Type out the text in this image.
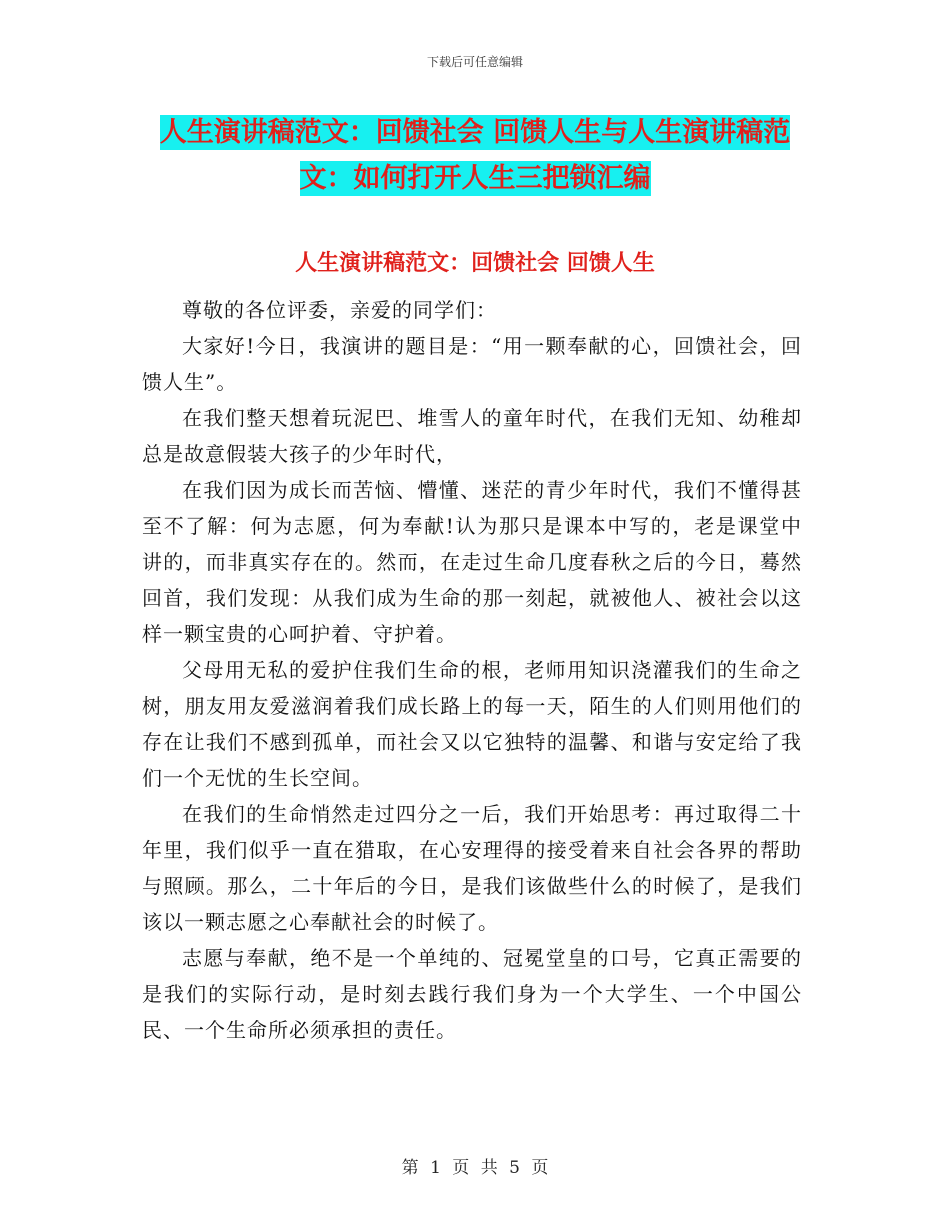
下载后可任意编辑
人生演讲稿范文：回馈社会 回馈人生与人生演讲稿范文：如何打开人生三把锁汇编
人生演讲稿范文：回馈社会 回馈人生

尊敬的各位评委，亲爱的同学们：

大家好!今日，我演讲的题目是：“用一颗奉献的心，回馈社会，回馈人生”。

在我们整天想着玩泥巴、堆雪人的童年时代，在我们无知、幼稚却总是故意假装大孩子的少年时代，

在我们因为成长而苦恼、懵懂、迷茫的青少年时代，我们不懂得甚至不了解：何为志愿，何为奉献!认为那只是课本中写的，老是课堂中讲的，而非真实存在的。然而，在走过生命几度春秋之后的今日，蓦然回首，我们发现：从我们成为生命的那一刻起，就被他人、被社会以这样一颗宝贵的心呵护着、守护着。

父母用无私的爱护住我们生命的根，老师用知识浇灌我们的生命之树，朋友用友爱滋润着我们成长路上的每一天，陌生的人们则用他们的存在让我们不感到孤单，而社会又以它独特的温馨、和谐与安定给了我们一个无忧的生长空间。

在我们的生命悄然走过四分之一后，我们开始思考：再过取得二十年里，我们似乎一直在猎取，在心安理得的接受着来自社会各界的帮助与照顾。那么，二十年后的今日，是我们该做些什么的时候了，是我们该以一颗志愿之心奉献社会的时候了。

志愿与奉献，绝不是一个单纯的、冠冕堂皇的口号，它真正需要的是我们的实际行动，是时刻去践行我们身为一个大学生、一个中国公民、一个生命所必须承担的责任。

第 1 页 共 5 页
